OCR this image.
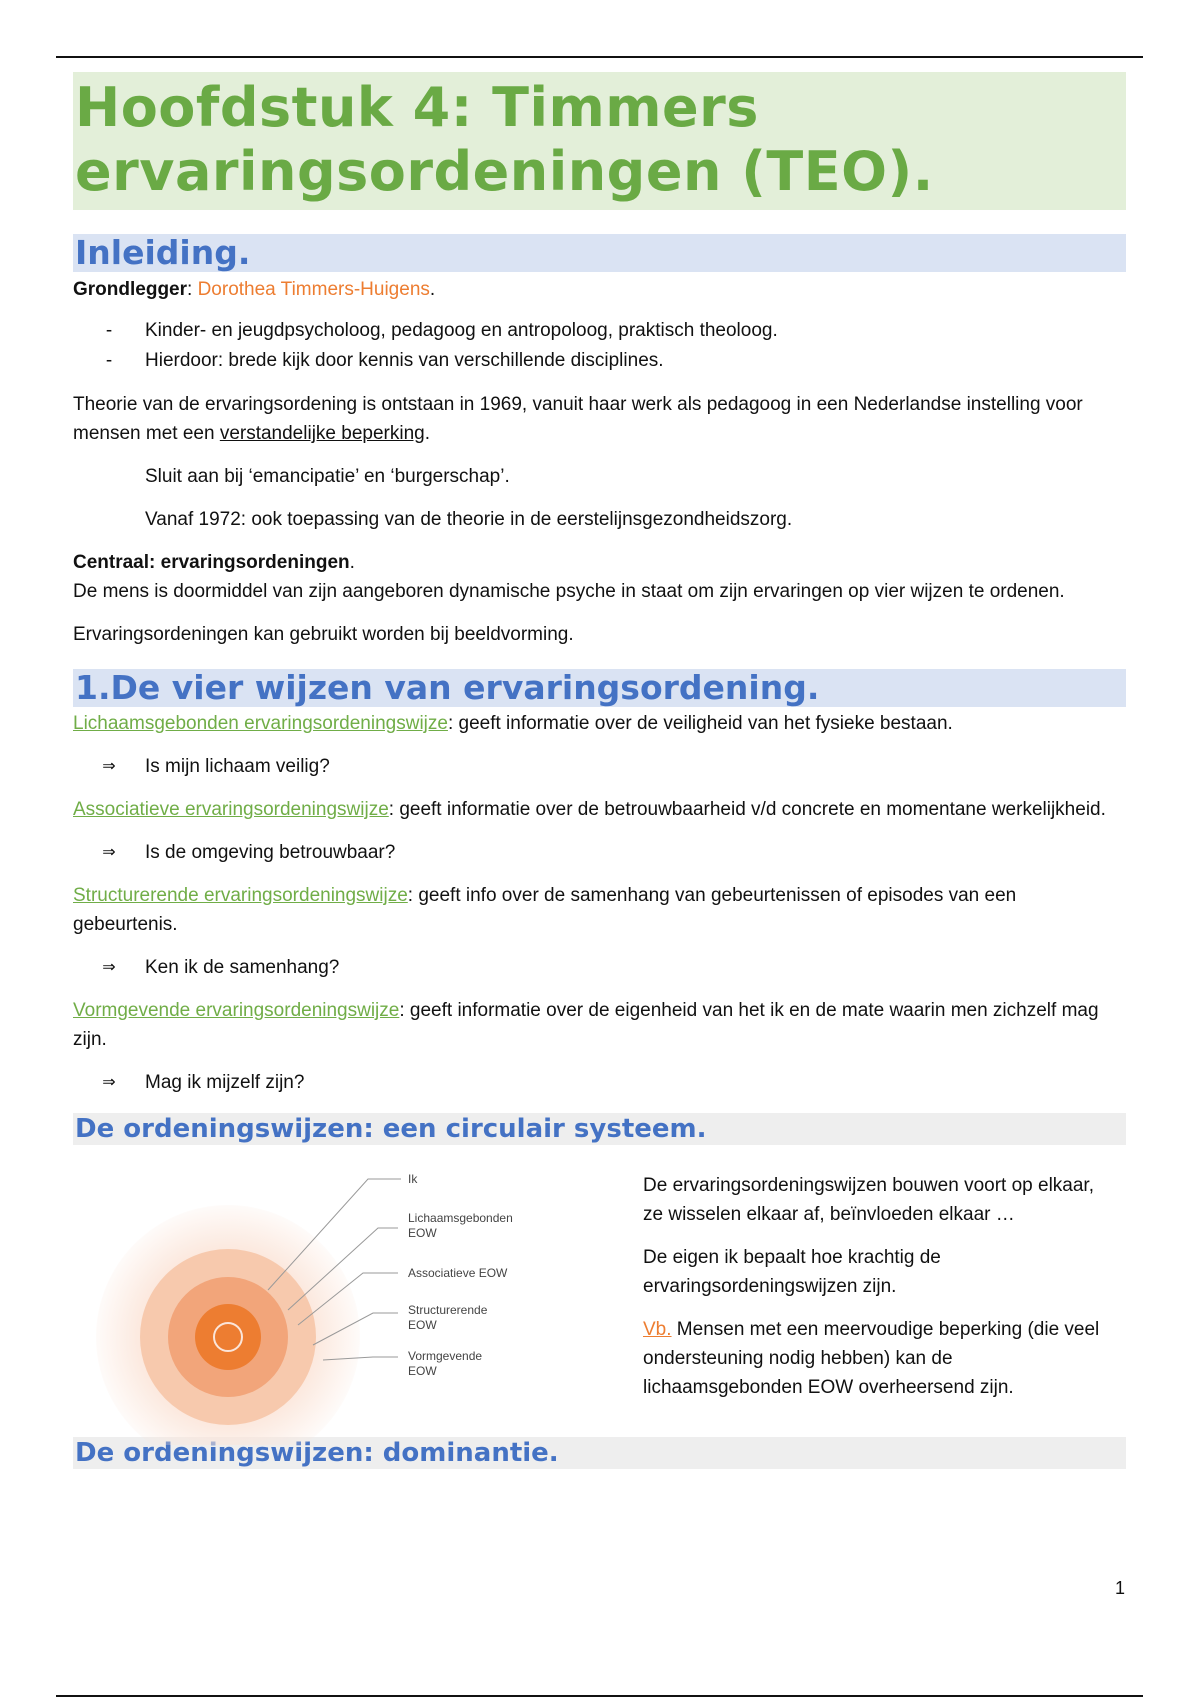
Hoofdstuk 4: Timmers ervaringsordeningen (TEO).
Inleiding.

Grondlegger: Dorothea Timmers-Huigens.

-	Kinder- en jeugdpsycholoog, pedagoog en antropoloog, praktisch theoloog.
-	Hierdoor: brede kijk door kennis van verschillende disciplines.

Theorie van de ervaringsordening is ontstaan in 1969, vanuit haar werk als pedagoog in een Nederlandse instelling voor mensen met een verstandelijke beperking.

Sluit aan bij ‘emancipatie’ en ‘burgerschap’.

Vanaf 1972: ook toepassing van de theorie in de eerstelijnsgezondheidszorg.

Centraal: ervaringsordeningen.

De mens is doormiddel van zijn aangeboren dynamische psyche in staat om zijn ervaringen op vier wijzen te ordenen.

Ervaringsordeningen kan gebruikt worden bij beeldvorming.

1.De vier wijzen van ervaringsordening.

Lichaamsgebonden ervaringsordeningswijze: geeft informatie over de veiligheid van het fysieke bestaan.

⇒	Is mijn lichaam veilig?

Associatieve ervaringsordeningswijze: geeft informatie over de betrouwbaarheid v/d concrete en momentane werkelijkheid.

⇒	Is de omgeving betrouwbaar?

Structurerende ervaringsordeningswijze: geeft info over de samenhang van gebeurtenissen of episodes van een gebeurtenis.

⇒	Ken ik de samenhang?

Vormgevende ervaringsordeningswijze: geeft informatie over de eigenheid van het ik en de mate waarin men zichzelf mag zijn.

⇒	Mag ik mijzelf zijn?
De ordeningswijzen: een circulair systeem.
Ik
Lichaamsgebonden
EOW
Associatieve EOW
Structurerende
EOW
Vormgevende
EOW

De ervaringsordeningswijzen bouwen voort op elkaar, ze wisselen elkaar af, beïnvloeden elkaar …

De eigen ik bepaalt hoe krachtig de ervaringsordeningswijzen zijn.

Vb. Mensen met een meervoudige beperking (die veel ondersteuning nodig hebben) kan de lichaamsgebonden EOW overheersend zijn.

De ordeningswijzen: dominantie.
1
